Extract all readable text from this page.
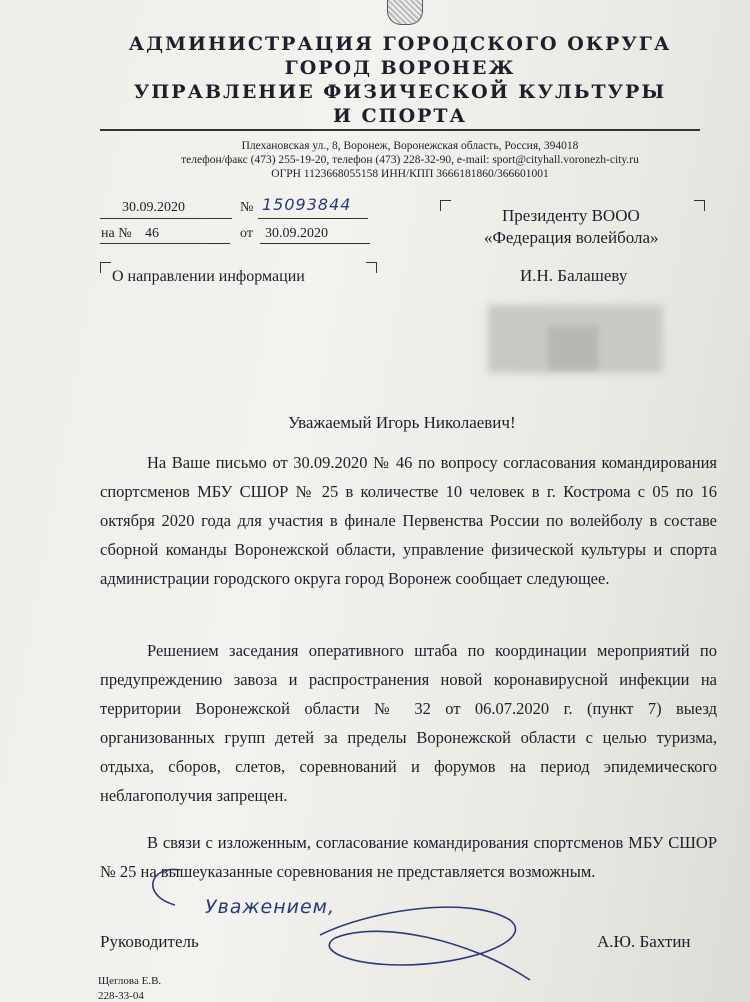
АДМИНИСТРАЦИЯ ГОРОДСКОГО ОКРУГА
ГОРОД ВОРОНЕЖ
УПРАВЛЕНИЕ ФИЗИЧЕСКОЙ КУЛЬТУРЫ
И СПОРТА
Плехановская ул., 8, Воронеж, Воронежская область, Россия, 394018
телефон/факс (473) 255-19-20, телефон (473) 228-32-90, e-mail: sport@cityhall.voronezh-city.ru
ОГРН 1123668055158 ИНН/КПП 3666181860/366601001
30.09.2020	№ 15093844
на № 46	от 30.09.2020
О направлении информации
Президенту ВООО
«Федерация волейбола»
И.Н. Балашеву
Уважаемый Игорь Николаевич!
На Ваше письмо от 30.09.2020 № 46 по вопросу согласования командирования спортсменов МБУ СШОР № 25 в количестве 10 человек в г. Кострома с 05 по 16 октября 2020 года для участия в финале Первенства России по волейболу в составе сборной команды Воронежской области, управление физической культуры и спорта администрации городского округа город Воронеж сообщает следующее.
Решением заседания оперативного штаба по координации мероприятий по предупреждению завоза и распространения новой коронавирусной инфекции на территории Воронежской области № 32 от 06.07.2020 г. (пункт 7) выезд организованных групп детей за пределы Воронежской области с целью туризма, отдыха, сборов, слетов, соревнований и форумов на период эпидемического неблагополучия запрещен.
В связи с изложенным, согласование командирования спортсменов МБУ СШОР № 25 на вышеуказанные соревнования не представляется возможным.
Уважением,
Руководитель	А.Ю. Бахтин
Щеглова Е.В.
228-33-04
